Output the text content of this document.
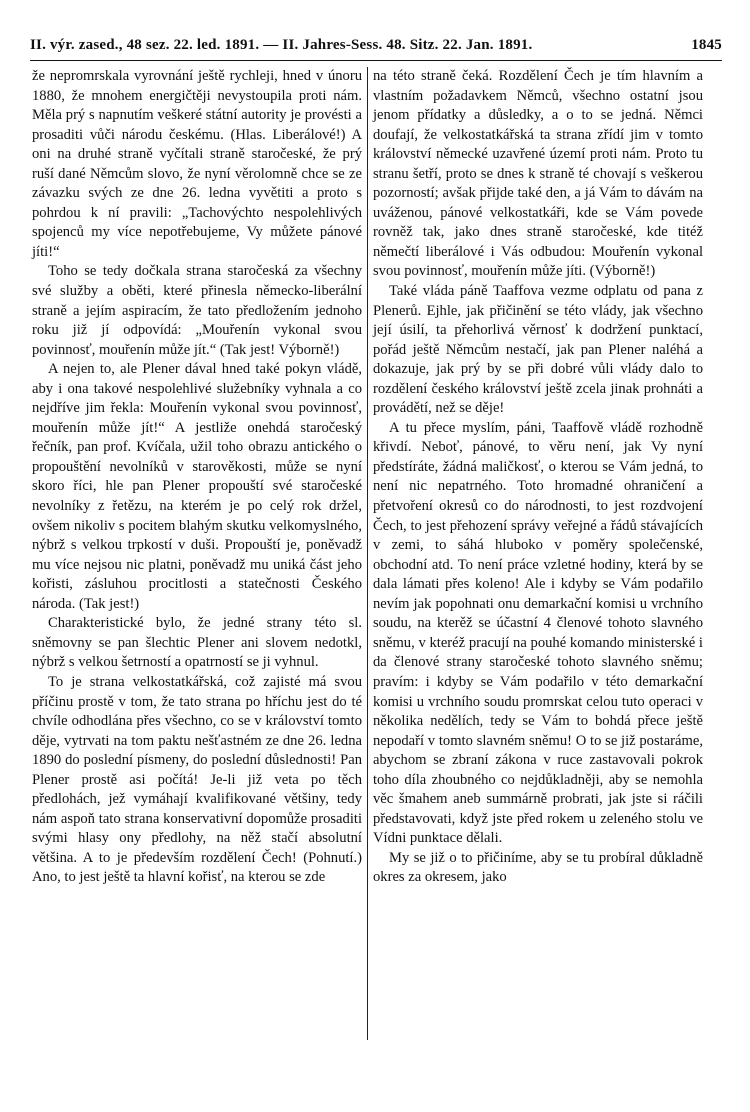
II. výr. zased., 48 sez. 22. led. 1891. — II. Jahres-Sess. 48. Sitz. 22. Jan. 1891.	1845

že nepromrskala vyrovnání ještě rychleji, hned v únoru 1880, že mnohem energičtěji nevystoupila proti nám. Měla prý s napnutím veškeré státní autority je provésti a prosaditi vůči národu českému. (Hlas. Liberálové!) A oni na druhé straně vyčítali straně staročeské, že prý ruší dané Němcům slovo, že nyní věrolomně chce se ze závazku svých ze dne 26. ledna vyvětiti a proto s pohrdou k ní pravili: „Tachovýchto nespolehlivých spojenců my více nepotřebujeme, Vy můžete pánové jíti!“

Toho se tedy dočkala strana staročeská za všechny své služby a oběti, které přinesla německo-liberální straně a jejím aspiracím, že tato předložením jednoho roku již jí odpovídá: „Mouřenín vykonal svou povinnosť, mouřenín může jít.“ (Tak jest! Výborně!)

A nejen to, ale Plener dával hned také pokyn vládě, aby i ona takové nespolehlivé služebníky vyhnala a co nejdříve jim řekla: Mouřenín vykonal svou povinnosť, mouřenín může jít!“ A jestliže onehdá staročeský řečník, pan prof. Kvíčala, užil toho obrazu antického o propouštění nevolníků v starověkosti, může se nyní skoro říci, hle pan Plener propouští své staročeské nevolníky z řetězu, na kterém je po celý rok držel, ovšem nikoliv s pocitem blahým skutku velkomyslného, nýbrž s velkou trpkostí v duši. Propouští je, poněvadž mu více nejsou nic platni, poněvadž mu uniká část jeho kořisti, zásluhou procitlosti a statečnosti Českého národa. (Tak jest!)

Charakteristické bylo, že jedné strany této sl. sněmovny se pan šlechtic Plener ani slovem nedotkl, nýbrž s velkou šetrností a opatrností se ji vyhnul.

To je strana velkostatkářská, což zajisté má svou příčinu prostě v tom, že tato strana po hříchu jest do té chvíle odhodlána přes všechno, co se v království tomto děje, vytrvati na tom paktu nešťastném ze dne 26. ledna 1890 do poslední písmeny, do poslední důslednosti! Pan Plener prostě asi počítá! Je-li již veta po těch předlohách, jež vymáhají kvalifikované většiny, tedy nám aspoň tato strana konservativní dopomůže prosaditi svými hlasy ony předlohy, na něž stačí absolutní většina. A to je především rozdělení Čech! (Pohnutí.) Ano, to jest ještě ta hlavní kořisť, na kterou se zde

na této straně čeká. Rozdělení Čech je tím hlavním a vlastním požadavkem Němců, všechno ostatní jsou jenom přídatky a důsledky, a o to se jedná. Němci doufají, že velkostatkářská ta strana zřídí jim v tomto království německé uzavřené území proti nám. Proto tu stranu šetří, proto se dnes k straně té chovají s veškerou pozorností; avšak přijde také den, a já Vám to dávám na uváženou, pánové velkostatkáři, kde se Vám povede rovněž tak, jako dnes straně staročeské, kde titéž němečtí liberálové i Vás odbudou: Mouřenín vykonal svou povinnosť, mouřenín může jíti. (Výborně!)

Také vláda páně Taaffova vezme odplatu od pana z Plenerů. Ejhle, jak přičinění se této vlády, jak všechno její úsilí, ta přehorlivá věrnosť k dodržení punktací, pořád ještě Němcům nestačí, jak pan Plener naléhá a dokazuje, jak prý by se při dobré vůli vlády dalo to rozdělení českého království ještě zcela jinak prohnáti a provádětí, než se děje!

A tu přece myslím, páni, Taaffově vládě rozhodně křivdí. Neboť, pánové, to věru není, jak Vy nyní předstíráte, žádná maličkosť, o kterou se Vám jedná, to není nic nepatrného. Toto hromadné ohraničení a přetvoření okresů co do národnosti, to jest rozdvojení Čech, to jest přehození správy veřejné a řádů stávajících v zemi, to sáhá hluboko v poměry společenské, obchodní atd. To není práce vzletné hodiny, která by se dala lámati přes koleno! Ale i kdyby se Vám podařilo nevím jak popohnati onu demarkační komisi u vrchního soudu, na kterěž se účastní 4 členové tohoto slavného sněmu, v kteréž pracují na pouhé komando ministerské i da členové strany staročeské tohoto slavného sněmu; pravím: i kdyby se Vám podařilo v této demarkační komisi u vrchního soudu promrskat celou tuto operaci v několika nedělích, tedy se Vám to bohdá přece ještě nepodaří v tomto slavném sněmu! O to se již postaráme, abychom se zbraní zákona v ruce zastavovali pokrok toho díla zhoubného co nejdůkladněji, aby se nemohla věc šmahem aneb summárně probrati, jak jste si ráčili představovati, když jste před rokem u zeleného stolu ve Vídni punktace dělali.

My se již o to přičiníme, aby se tu probíral důkladně okres za okresem, jako
